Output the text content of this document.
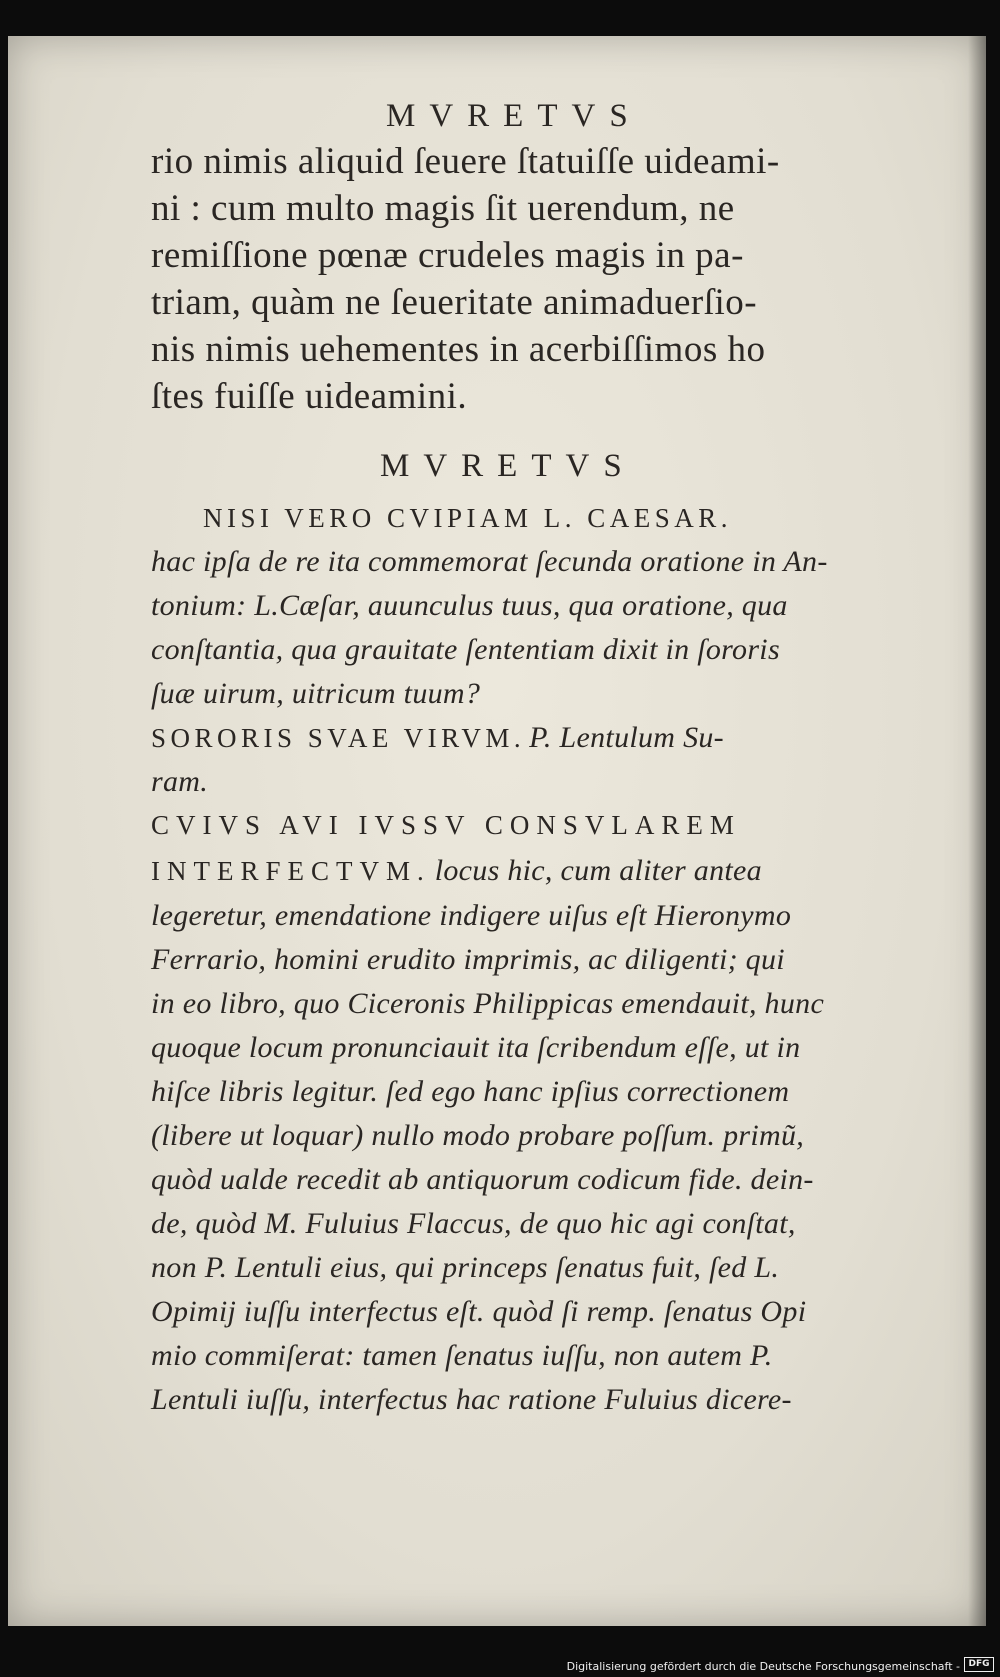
MVRETVS
rio nimis aliquid ſeuere ſtatuiſſe uideami-
ni : cum multo magis ſit uerendum, ne
remiſſione pœnæ crudeles magis in pa-
triam, quàm ne ſeueritate animaduerſio-
nis nimis uehementes in acerbiſſimos ho
ſtes fuiſſe uideamini.
MVRETVS
NISI VERO CVIPIAM L. CAESAR.
hac ipſa de re ita commemorat ſecunda oratione in An-
tonium: L.Cæſar, auunculus tuus, qua oratione, qua
conſtantia, qua grauitate ſententiam dixit in ſororis
ſuæ uirum, uitricum tuum?
SORORIS SVAE VIRVM. P. Lentulum Su-
ram.
CVIVS AVI IVSSV CONSVLAREM
INTERFECTVM. locus hic, cum aliter antea
legeretur, emendatione indigere uiſus eſt Hieronymo
Ferrario, homini erudito imprimis, ac diligenti; qui
in eo libro, quo Ciceronis Philippicas emendauit, hunc
quoque locum pronunciauit ita ſcribendum eſſe, ut in
hiſce libris legitur. ſed ego hanc ipſius correctionem
(libere ut loquar) nullo modo probare poſſum. primũ,
quòd ualde recedit ab antiquorum codicum fide. dein-
de, quòd M. Fuluius Flaccus, de quo hic agi conſtat,
non P. Lentuli eius, qui princeps ſenatus fuit, ſed L.
Opimij iuſſu interfectus eſt. quòd ſi remp. ſenatus Opi
mio commiſerat: tamen ſenatus iuſſu, non autem P.
Lentuli iuſſu, interfectus hac ratione Fuluius dicere-
Digitalisierung gefördert durch die Deutsche Forschungsgemeinschaft - DFG
